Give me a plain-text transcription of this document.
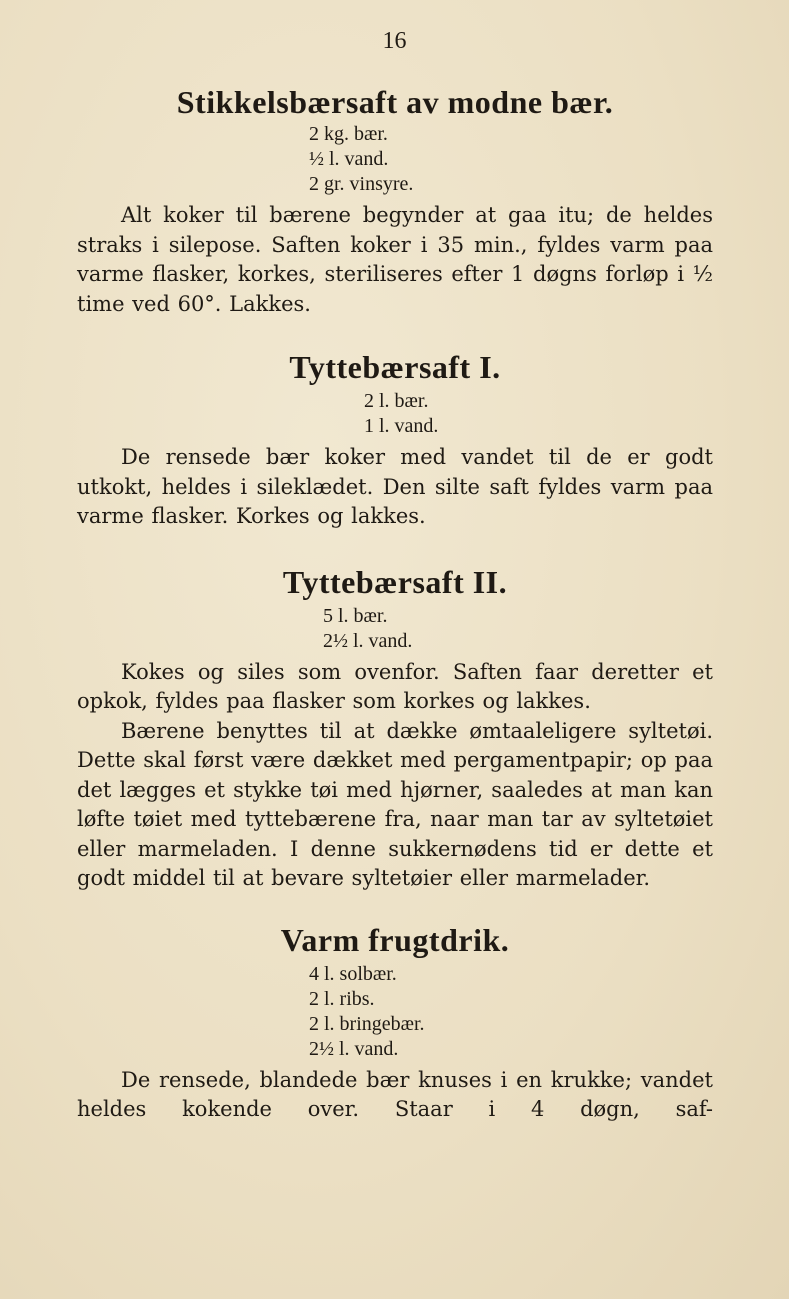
16
Stikkelsbærsaft av modne bær.
2 kg. bær.
½ l. vand.
2 gr. vinsyre.

Alt koker til bærene begynder at gaa itu; de heldes straks i silepose. Saften koker i 35 min., fyldes varm paa varme flasker, korkes, steriliseres efter 1 døgns forløp i ½ time ved 60°. Lakkes.

Tyttebærsaft I.
2 l. bær.
1 l. vand.

De rensede bær koker med vandet til de er godt utkokt, heldes i sileklædet. Den silte saft fyldes varm paa varme flasker. Korkes og lakkes.

Tyttebærsaft II.
5 l. bær.
2½ l. vand.

Kokes og siles som ovenfor. Saften faar deretter et opkok, fyldes paa flasker som korkes og lakkes.

Bærene benyttes til at dække ømtaaleligere syltetøi. Dette skal først være dækket med pergamentpapir; op paa det lægges et stykke tøi med hjørner, saaledes at man kan løfte tøiet med tyttebærene fra, naar man tar av syltetøiet eller marmeladen. I denne sukkernødens tid er dette et godt middel til at bevare syltetøier eller marmelader.

Varm frugtdrik.
4 l. solbær.
2 l. ribs.
2 l. bringebær.
2½ l. vand.

De rensede, blandede bær knuses i en krukke; vandet heldes kokende over. Staar i 4 døgn, saf-
